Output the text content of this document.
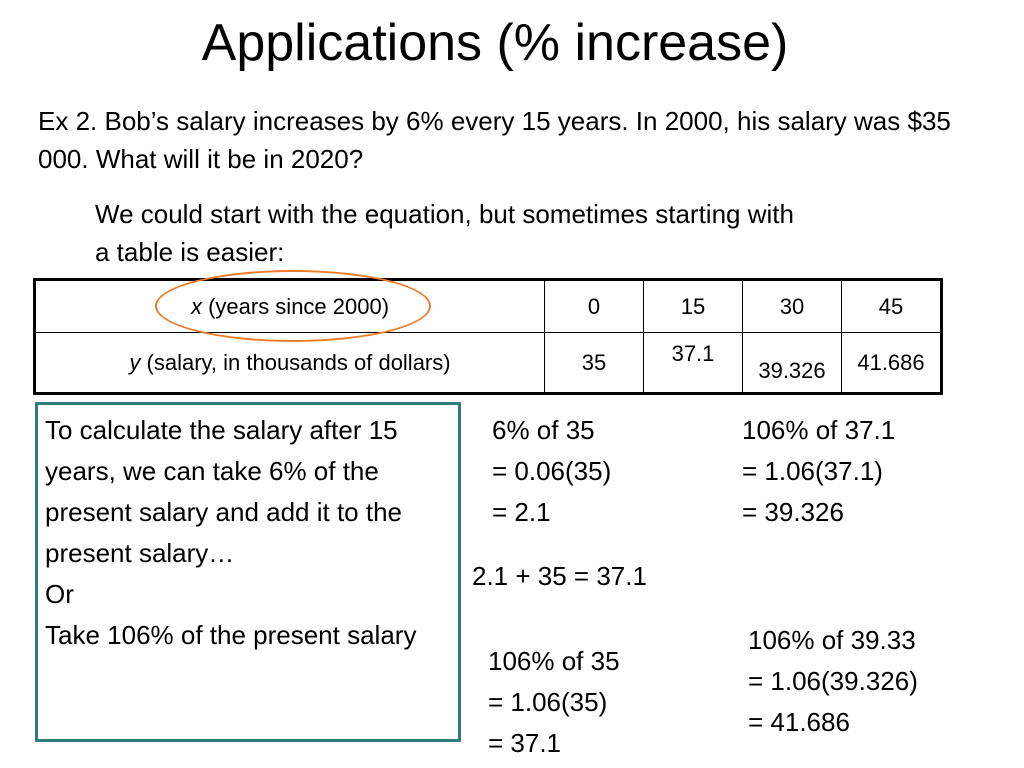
Applications (% increase)
Ex 2. Bob’s salary increases by 6% every 15 years. In 2000, his salary was $35 000. What will it be in 2020?
We could start with the equation, but sometimes starting with a table is easier:
x (years since 2000)	0	15	30	45
y (salary, in thousands of dollars)	35	37.1	39.326	41.686
To calculate the salary after 15 years, we can take 6% of the present salary and add it to the present salary…
Or
Take 106% of the present salary
6% of 35
= 0.06(35)
= 2.1
2.1 + 35 = 37.1
106% of 35
= 1.06(35)
= 37.1
106% of 37.1
= 1.06(37.1)
= 39.326
106% of 39.33
= 1.06(39.326)
= 41.686
